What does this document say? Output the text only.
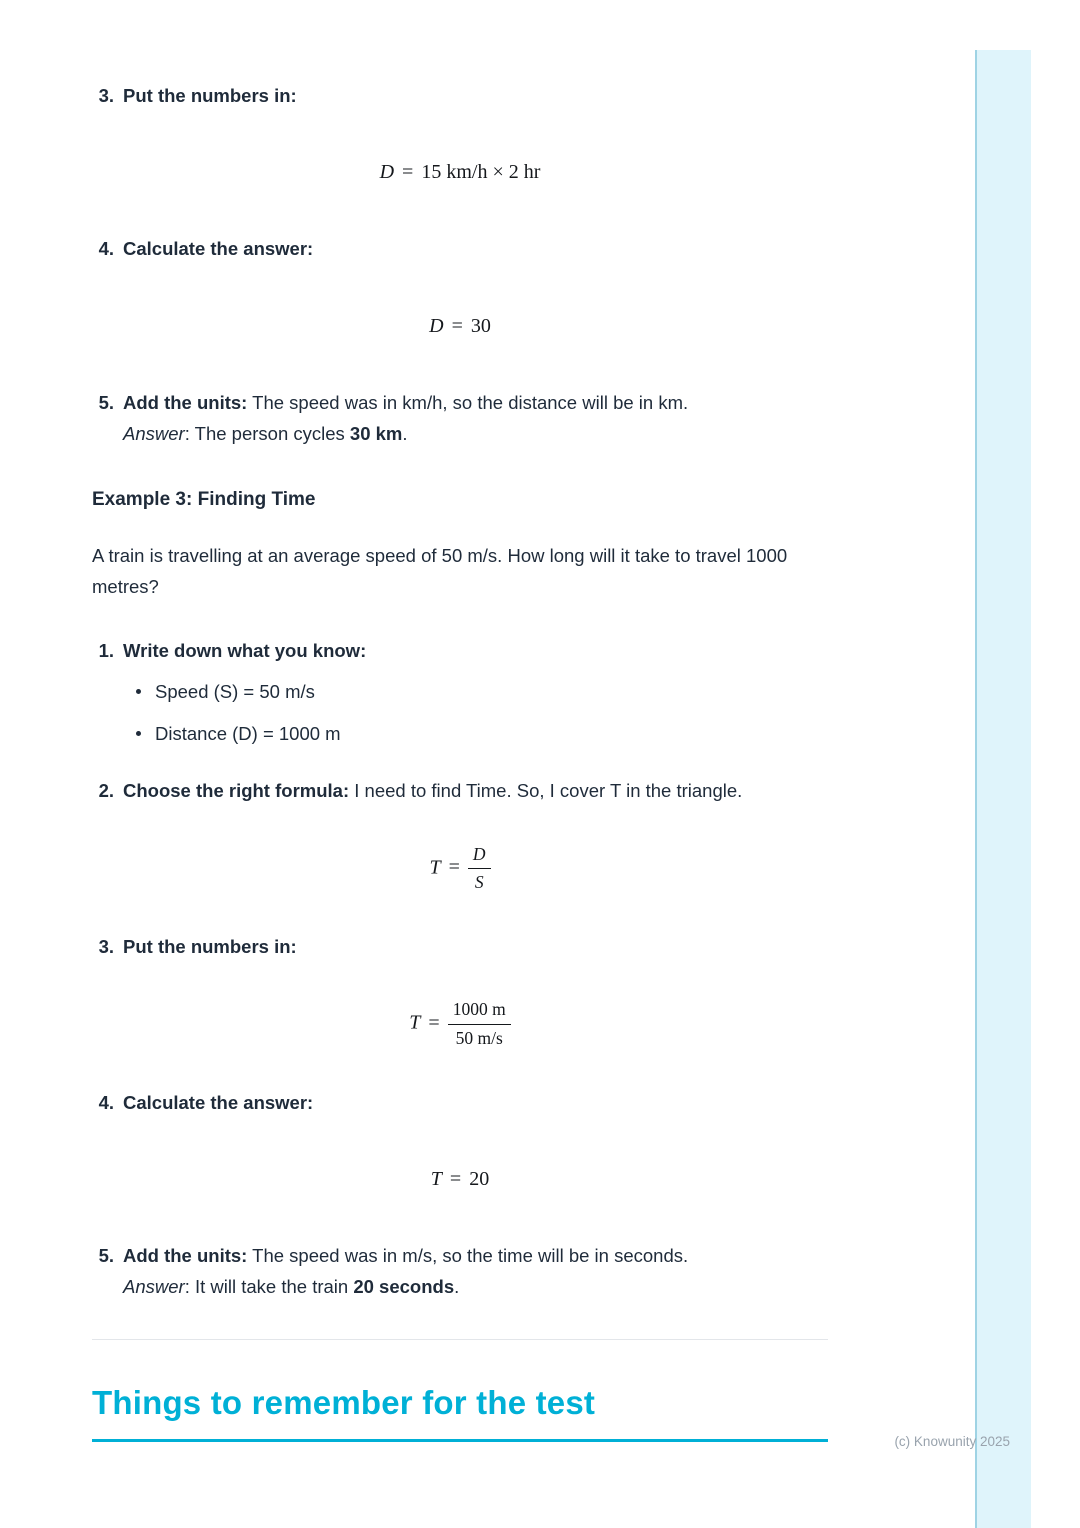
3. Put the numbers in:
D = 15 km/h × 2 hr
4. Calculate the answer:
D = 30
5. Add the units: The speed was in km/h, so the distance will be in km.
Answer: The person cycles 30 km.
Example 3: Finding Time
A train is travelling at an average speed of 50 m/s. How long will it take to travel 1000 metres?
1. Write down what you know:
Speed (S) = 50 m/s
Distance (D) = 1000 m
2. Choose the right formula: I need to find Time. So, I cover T in the triangle.
$T = \frac{D}{S}$
3. Put the numbers in:
$T = \frac{1000 m}{50 m/s}$
4. Calculate the answer:
T = 20
5. Add the units: The speed was in m/s, so the time will be in seconds.
Answer: It will take the train 20 seconds.
Things to remember for the test
(c) Knowunity 2025
